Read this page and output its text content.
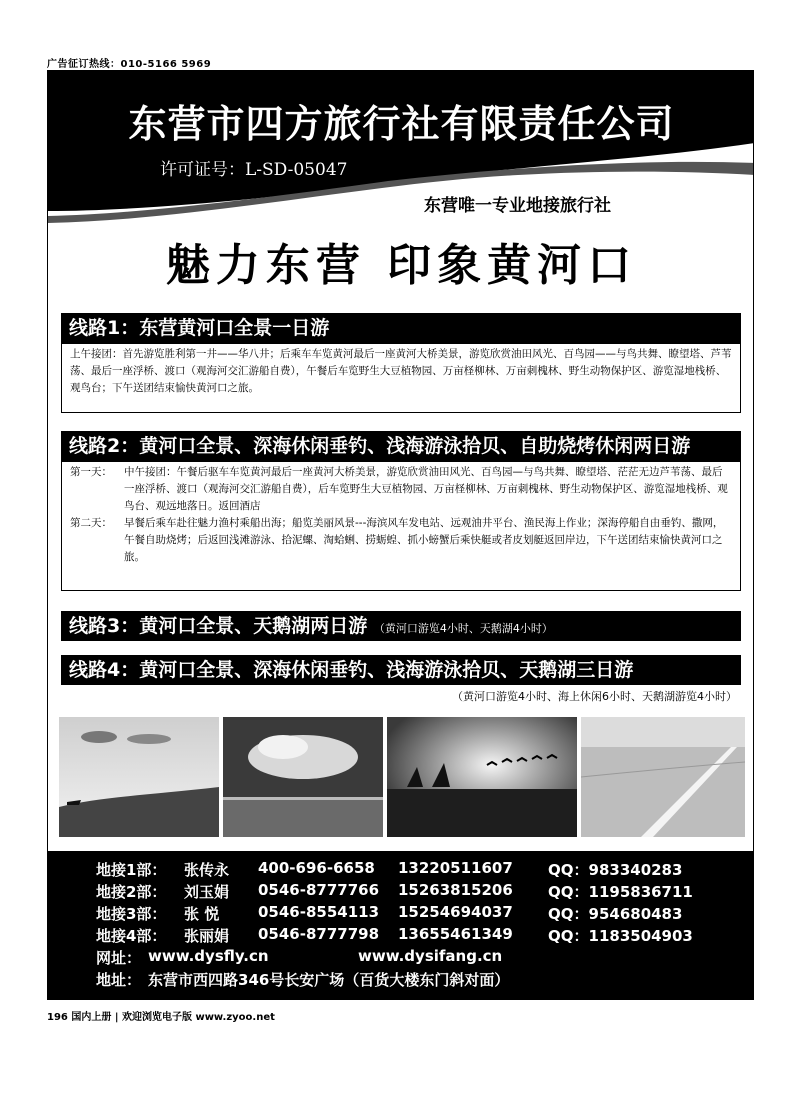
广告征订热线：010-5166 5969
东营市四方旅行社有限责任公司
许可证号：L-SD-05047
东营唯一专业地接旅行社
魅力东营 印象黄河口
线路1：东营黄河口全景一日游
上午接团：首先游览胜利第一井——华八井；后乘车车览黄河最后一座黄河大桥美景，游览欣赏油田风光、百鸟园——与鸟共舞、瞭望塔、芦苇荡、最后一座浮桥、渡口（观海河交汇游船自费），午餐后车览野生大豆植物园、万亩柽柳林、万亩刺槐林、野生动物保护区、游览湿地栈桥、观鸟台；下午送团结束愉快黄河口之旅。
线路2：黄河口全景、深海休闲垂钓、浅海游泳拾贝、自助烧烤休闲两日游
第一天：	中午接团：午餐后驱车车览黄河最后一座黄河大桥美景，游览欣赏油田风光、百鸟园—与鸟共舞、瞭望塔、茫茫无边芦苇荡、最后一座浮桥、渡口（观海河交汇游船自费），后车览野生大豆植物园、万亩柽柳林、万亩刺槐林、野生动物保护区、游览湿地栈桥、观鸟台、观远地落日。返回酒店
第二天：	早餐后乘车赴往魅力渔村乘船出海；船览美丽风景---海滨风车发电站、远观油井平台、渔民海上作业；深海停船自由垂钓、撒网，午餐自助烧烤；后返回浅滩游泳、拾泥螺、淘蛤蜊、捞蛎蝗、抓小螃蟹后乘快艇或者皮划艇返回岸边，下午送团结束愉快黄河口之旅。
线路3：黄河口全景、天鹅湖两日游 （黄河口游览4小时、天鹅湖4小时）
线路4：黄河口全景、深海休闲垂钓、浅海游泳拾贝、天鹅湖三日游
（黄河口游览4小时、海上休闲6小时、天鹅湖游览4小时）
地接1部： 张传永 400-696-6658 13220511607 QQ：983340283
地接2部： 刘玉娟 0546-8777766 15263815206 QQ：1195836711
地接3部： 张 悦	0546-8554113 15254694037 QQ：954680483
地接4部： 张丽娟 0546-8777798 13655461349 QQ：1183504903
网址： www.dysfly.cn	www.dysifang.cn
地址： 东营市西四路346号长安广场（百货大楼东门斜对面）
196 国内上册 | 欢迎浏览电子版 www.zyoo.net
